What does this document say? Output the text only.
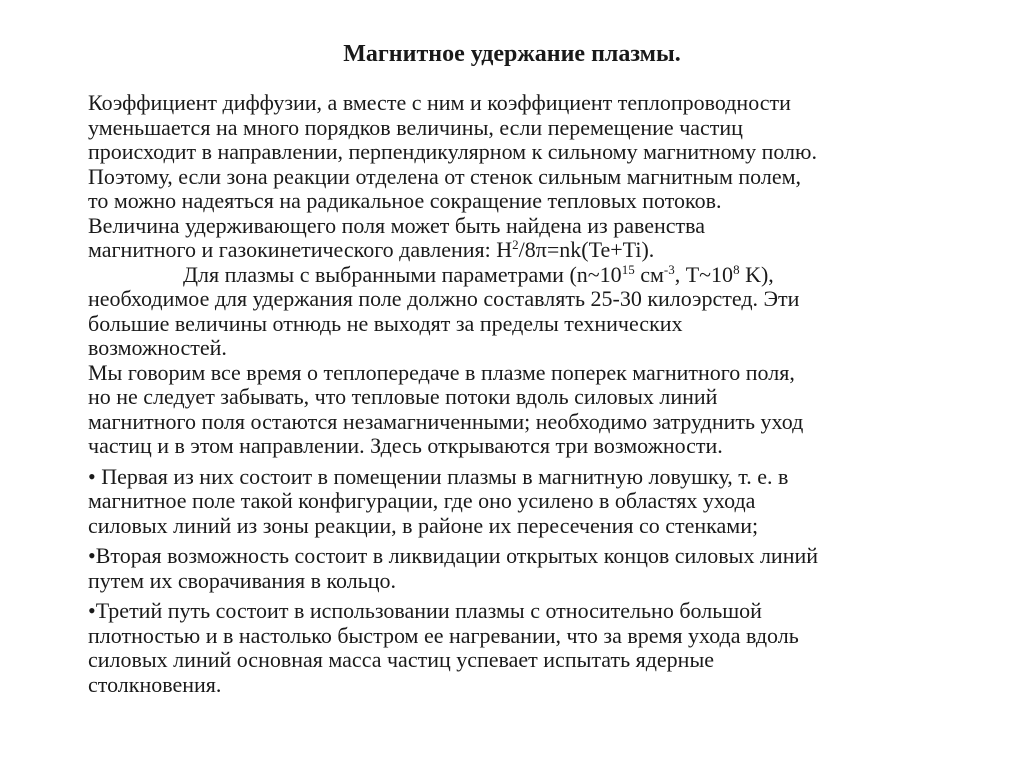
Магнитное удержание плазмы.
Коэффициент диффузии, а вместе с ним и коэффициент теплопроводности
уменьшается на много порядков величины, если перемещение частиц
происходит в направлении, перпендикулярном к сильному магнитному полю.
Поэтому, если зона реакции отделена от стенок сильным магнитным полем,
то можно надеяться на радикальное сокращение тепловых потоков.
Величина удерживающего поля может быть найдена из равенства
магнитного и газокинетического давления: $H^2/8\pi=nk(Te+Ti)$.
Для плазмы с выбранными параметрами ($n\sim 10^{15}$ $см^{-3}$, $T\sim 10^8$ K),
необходимое для удержания поле должно составлять 25-30 килоэрстед. Эти
большие величины отнюдь не выходят за пределы технических
возможностей.
Мы говорим все время о теплопередаче в плазме поперек магнитного поля,
но не следует забывать, что тепловые потоки вдоль силовых линий
магнитного поля остаются незамагниченными; необходимо затруднить уход
частиц и в этом направлении. Здесь открываются три возможности.
• Первая из них состоит в помещении плазмы в магнитную ловушку, т. е. в
магнитное поле такой конфигурации, где оно усилено в областях ухода
силовых линий из зоны реакции, в районе их пересечения со стенками;
•Вторая возможность состоит в ликвидации открытых концов силовых линий
путем их сворачивания в кольцо.
•Третий путь состоит в использовании плазмы с относительно большой
плотностью и в настолько быстром ее нагревании, что за время ухода вдоль
силовых линий основная масса частиц успевает испытать ядерные
столкновения.
